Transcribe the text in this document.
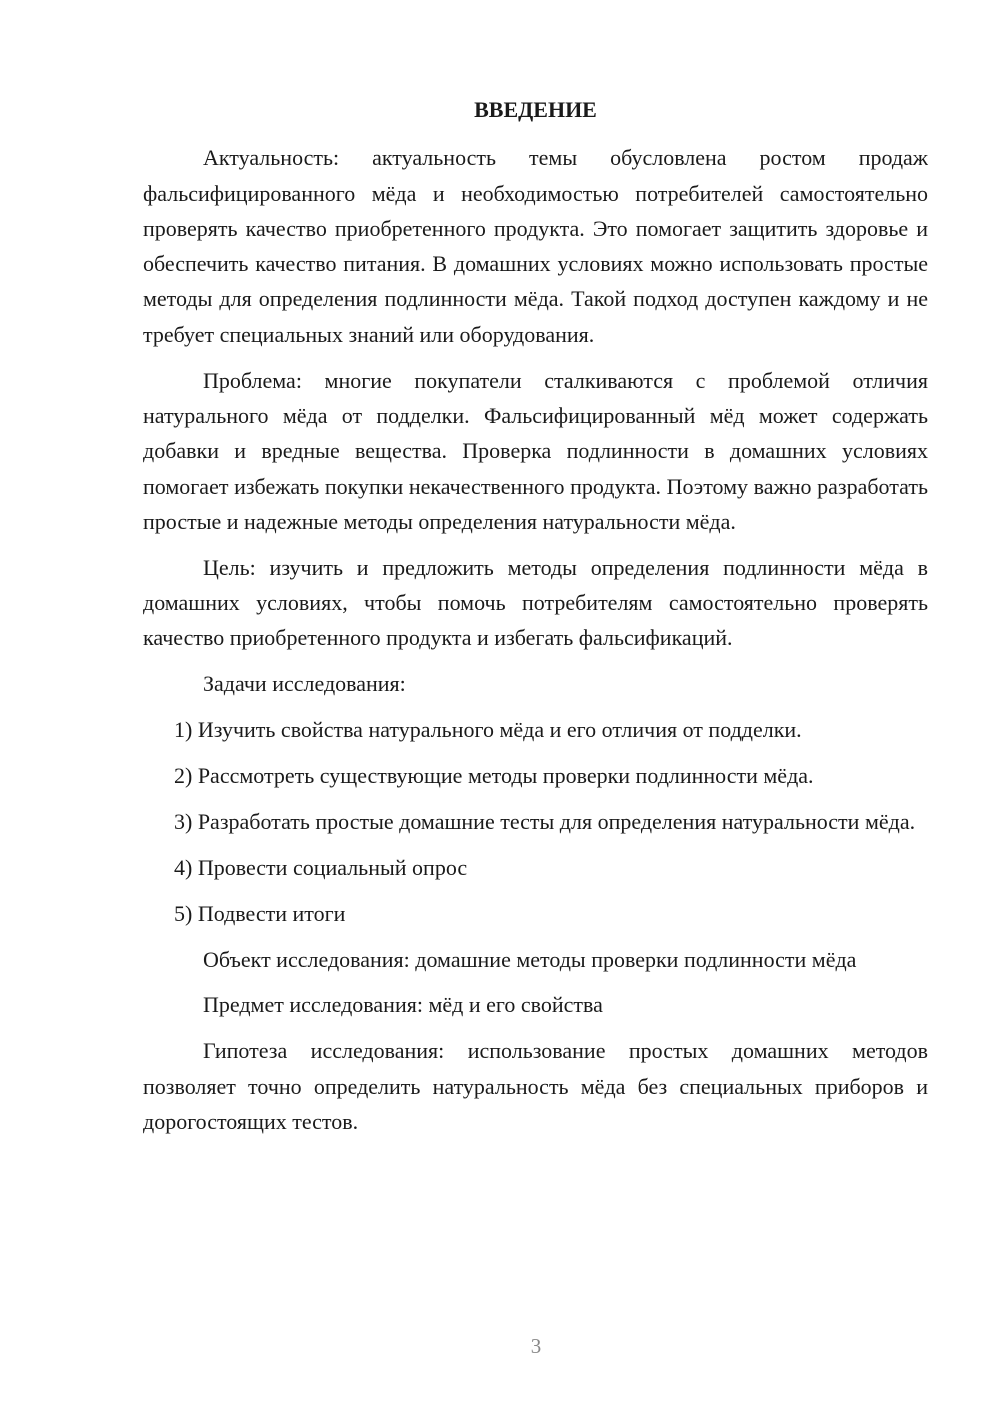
ВВЕДЕНИЕ

Актуальность: актуальность темы обусловлена ростом продаж фальсифицированного мёда и необходимостью потребителей самостоятельно проверять качество приобретенного продукта. Это помогает защитить здоровье и обеспечить качество питания. В домашних условиях можно использовать простые методы для определения подлинности мёда. Такой подход доступен каждому и не требует специальных знаний или оборудования.

Проблема: многие покупатели сталкиваются с проблемой отличия натурального мёда от подделки. Фальсифицированный мёд может содержать добавки и вредные вещества. Проверка подлинности в домашних условиях помогает избежать покупки некачественного продукта. Поэтому важно разработать простые и надежные методы определения натуральности мёда.

Цель: изучить и предложить методы определения подлинности мёда в домашних условиях, чтобы помочь потребителям самостоятельно проверять качество приобретенного продукта и избегать фальсификаций.

Задачи исследования:

1) Изучить свойства натурального мёда и его отличия от подделки.

2) Рассмотреть существующие методы проверки подлинности мёда.

3) Разработать простые домашние тесты для определения натуральности мёда.

4) Провести социальный опрос

5) Подвести итоги

Объект исследования: домашние методы проверки подлинности мёда

Предмет исследования: мёд и его свойства

Гипотеза исследования: использование простых домашних методов позволяет точно определить натуральность мёда без специальных приборов и дорогостоящих тестов.

3
